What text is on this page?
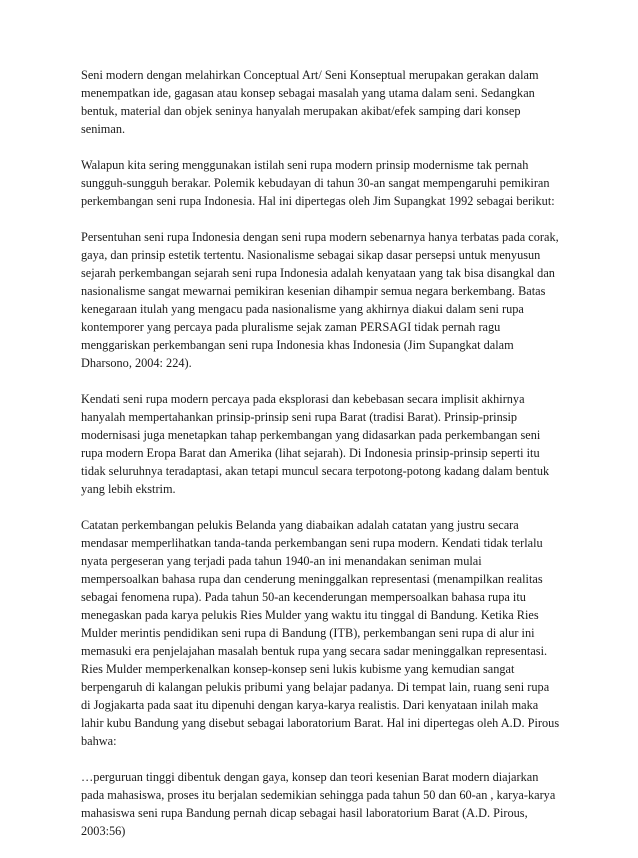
Seni modern dengan melahirkan Conceptual Art/ Seni Konseptual merupakan gerakan dalam
menempatkan ide, gagasan atau konsep sebagai masalah yang utama dalam seni. Sedangkan
bentuk, material dan objek seninya hanyalah merupakan akibat/efek samping dari konsep
seniman.

Walapun kita sering menggunakan istilah seni rupa modern prinsip modernisme tak pernah
sungguh-sungguh berakar. Polemik kebudayan di tahun 30-an sangat mempengaruhi pemikiran
perkembangan seni rupa Indonesia. Hal ini dipertegas oleh Jim Supangkat 1992 sebagai berikut:

Persentuhan seni rupa Indonesia dengan seni rupa modern sebenarnya hanya terbatas pada corak,
gaya, dan prinsip estetik tertentu. Nasionalisme sebagai sikap dasar persepsi untuk menyusun
sejarah perkembangan sejarah seni rupa Indonesia adalah kenyataan yang tak bisa disangkal dan
nasionalisme sangat mewarnai pemikiran kesenian dihampir semua negara berkembang. Batas
kenegaraan itulah yang mengacu pada nasionalisme yang akhirnya diakui dalam seni rupa
kontemporer yang percaya pada pluralisme sejak zaman PERSAGI tidak pernah ragu
menggariskan perkembangan seni rupa Indonesia khas Indonesia (Jim Supangkat dalam
Dharsono, 2004: 224).

Kendati seni rupa modern percaya pada eksplorasi dan kebebasan secara implisit akhirnya
hanyalah mempertahankan prinsip-prinsip seni rupa Barat (tradisi Barat). Prinsip-prinsip
modernisasi juga menetapkan tahap perkembangan yang didasarkan pada perkembangan seni
rupa modern Eropa Barat dan Amerika (lihat sejarah). Di Indonesia prinsip-prinsip seperti itu
tidak seluruhnya teradaptasi, akan tetapi muncul secara terpotong-potong kadang dalam bentuk
yang lebih ekstrim.

Catatan perkembangan pelukis Belanda yang diabaikan adalah catatan yang justru secara
mendasar memperlihatkan tanda-tanda perkembangan seni rupa modern. Kendati tidak terlalu
nyata pergeseran yang terjadi pada tahun 1940-an ini menandakan seniman mulai
mempersoalkan bahasa rupa dan cenderung meninggalkan representasi (menampilkan realitas
sebagai fenomena rupa). Pada tahun 50-an kecenderungan mempersoalkan bahasa rupa itu
menegaskan pada karya pelukis Ries Mulder yang waktu itu tinggal di Bandung. Ketika Ries
Mulder merintis pendidikan seni rupa di Bandung (ITB), perkembangan seni rupa di alur ini
memasuki era penjelajahan masalah bentuk rupa yang secara sadar meninggalkan representasi.
Ries Mulder memperkenalkan konsep-konsep seni lukis kubisme yang kemudian sangat
berpengaruh di kalangan pelukis pribumi yang belajar padanya. Di tempat lain, ruang seni rupa
di Jogjakarta pada saat itu dipenuhi dengan karya-karya realistis. Dari kenyataan inilah maka
lahir kubu Bandung yang disebut sebagai laboratorium Barat. Hal ini dipertegas oleh A.D. Pirous
bahwa:

…perguruan tinggi dibentuk dengan gaya, konsep dan teori kesenian Barat modern diajarkan
pada mahasiswa, proses itu berjalan sedemikian sehingga pada tahun 50 dan 60-an , karya-karya
mahasiswa seni rupa Bandung pernah dicap sebagai hasil laboratorium Barat (A.D. Pirous,
2003:56)
